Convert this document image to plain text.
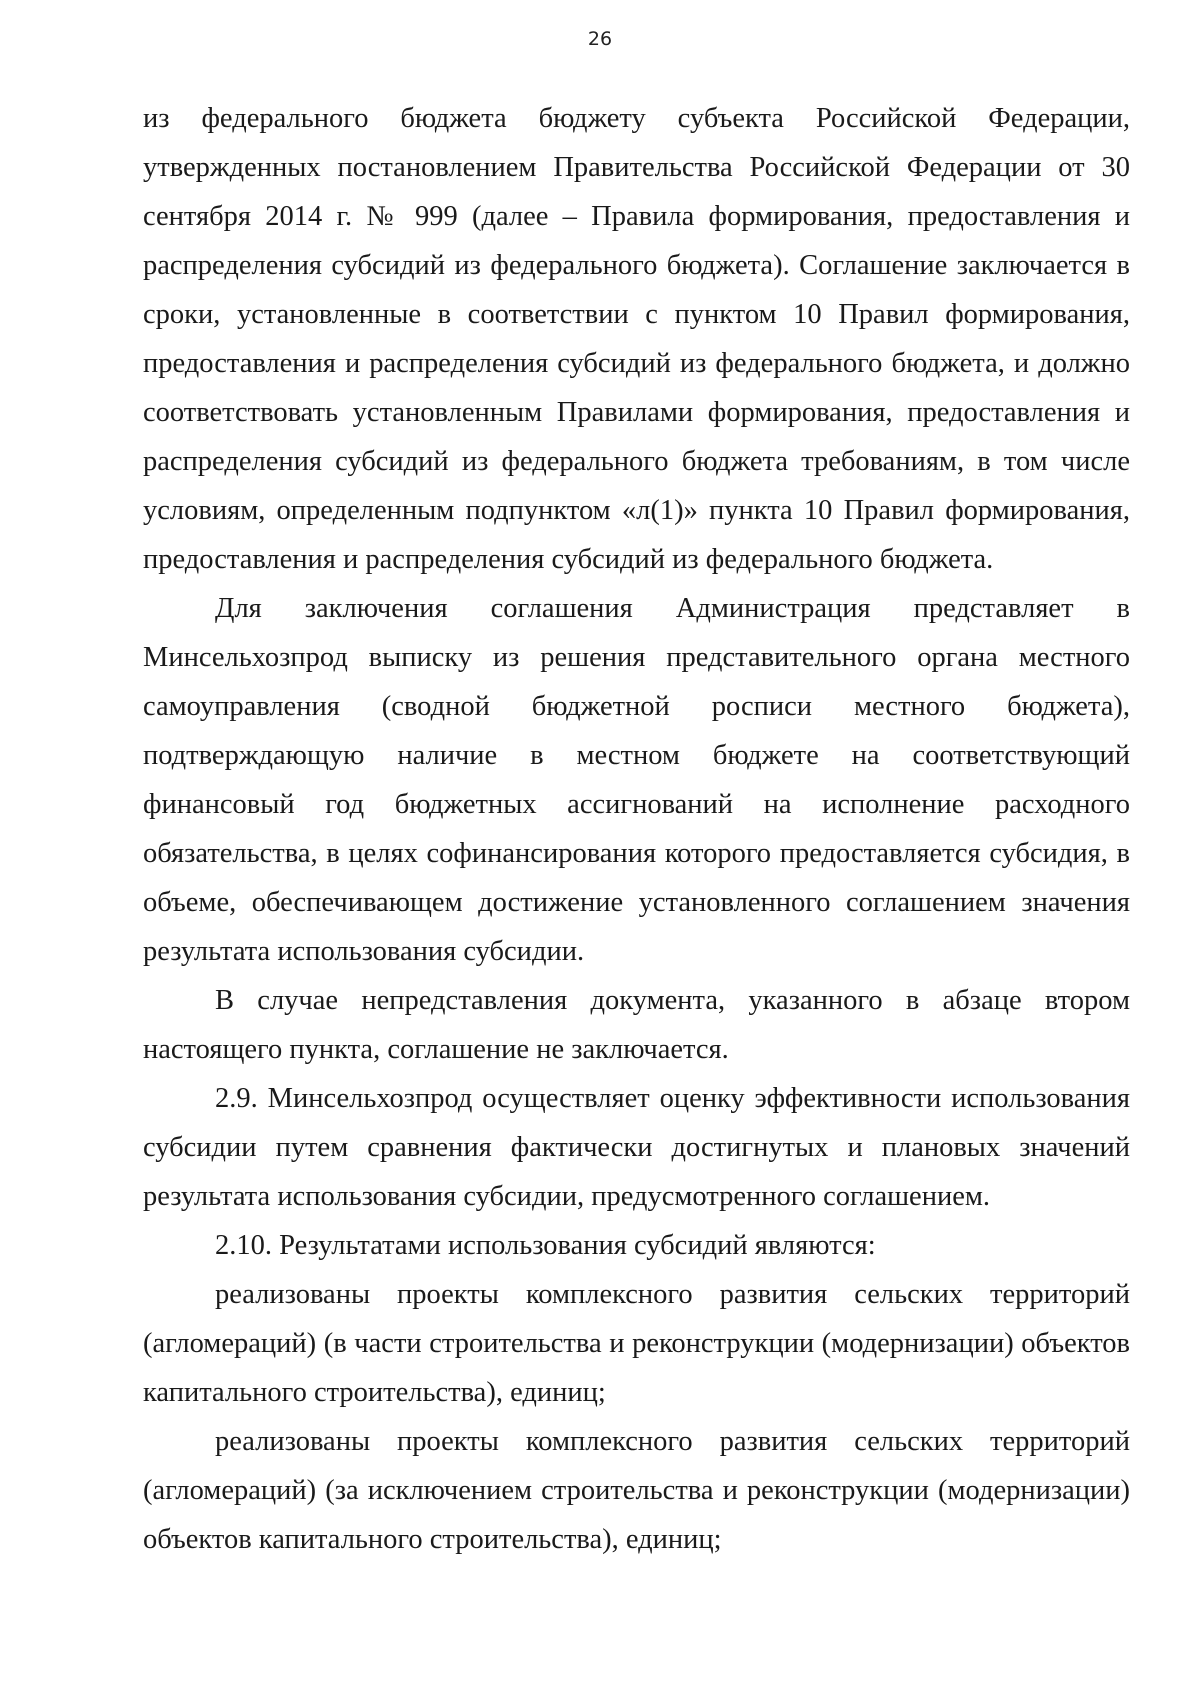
26

из федерального бюджета бюджету субъекта Российской Федерации, утвержденных постановлением Правительства Российской Федерации от 30 сентября 2014 г. № 999 (далее – Правила формирования, предоставления и распределения субсидий из федерального бюджета). Соглашение заключается в сроки, установленные в соответствии с пунктом 10 Правил формирования, предоставления и распределения субсидий из федерального бюджета, и должно соответствовать установленным Правилами формирования, предоставления и распределения субсидий из федерального бюджета требованиям, в том числе условиям, определенным подпунктом «л(1)» пункта 10 Правил формирования, предоставления и распределения субсидий из федерального бюджета.

Для заключения соглашения Администрация представляет в Минсельхозпрод выписку из решения представительного органа местного самоуправления (сводной бюджетной росписи местного бюджета), подтверждающую наличие в местном бюджете на соответствующий финансовый год бюджетных ассигнований на исполнение расходного обязательства, в целях софинансирования которого предоставляется субсидия, в объеме, обеспечивающем достижение установленного соглашением значения результата использования субсидии.

В случае непредставления документа, указанного в абзаце втором настоящего пункта, соглашение не заключается.

2.9. Минсельхозпрод осуществляет оценку эффективности использования субсидии путем сравнения фактически достигнутых и плановых значений результата использования субсидии, предусмотренного соглашением.

2.10. Результатами использования субсидий являются:

реализованы проекты комплексного развития сельских территорий (агломераций) (в части строительства и реконструкции (модернизации) объектов капитального строительства), единиц;

реализованы проекты комплексного развития сельских территорий (агломераций) (за исключением строительства и реконструкции (модернизации) объектов капитального строительства), единиц;
